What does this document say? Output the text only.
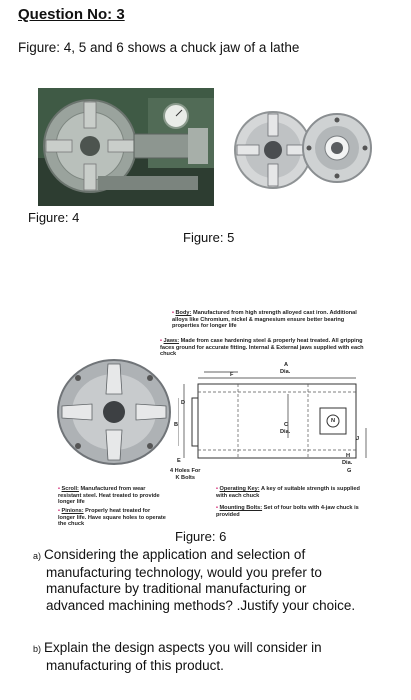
Question No: 3
Figure: 4, 5 and 6 shows a chuck jaw of a lathe
Figure: 4
Figure: 5
• Body: Manufactured from high strength alloyed cast iron. Additional alloys like Chromium, nickel & magnesium ensure better bearing properties for longer life
• Jaws: Made from case hardening steel & properly heat treated. All gripping faces ground for accurate fitting. Internal & External jaws supplied with each chuck
A
Dia.
F
D
B	C
Dia.
N
J
H
Dia.
G
E
4 Holes For
K Bolts
• Scroll: Manufactured from wear resistant steel. Heat treated to provide longer life
• Pinions: Properly heat treated for longer life. Have square holes to operate the chuck
• Operating Key: A key of suitable strength is supplied with each chuck
• Mounting Bolts: Set of four bolts with 4-jaw chuck is provided
Figure: 6
a) Considering the application and selection of
manufacturing technology, would you prefer to
manufacture by traditional manufacturing or
advanced machining methods? .Justify your choice.
b) Explain the design aspects you will consider in
manufacturing of this product.
